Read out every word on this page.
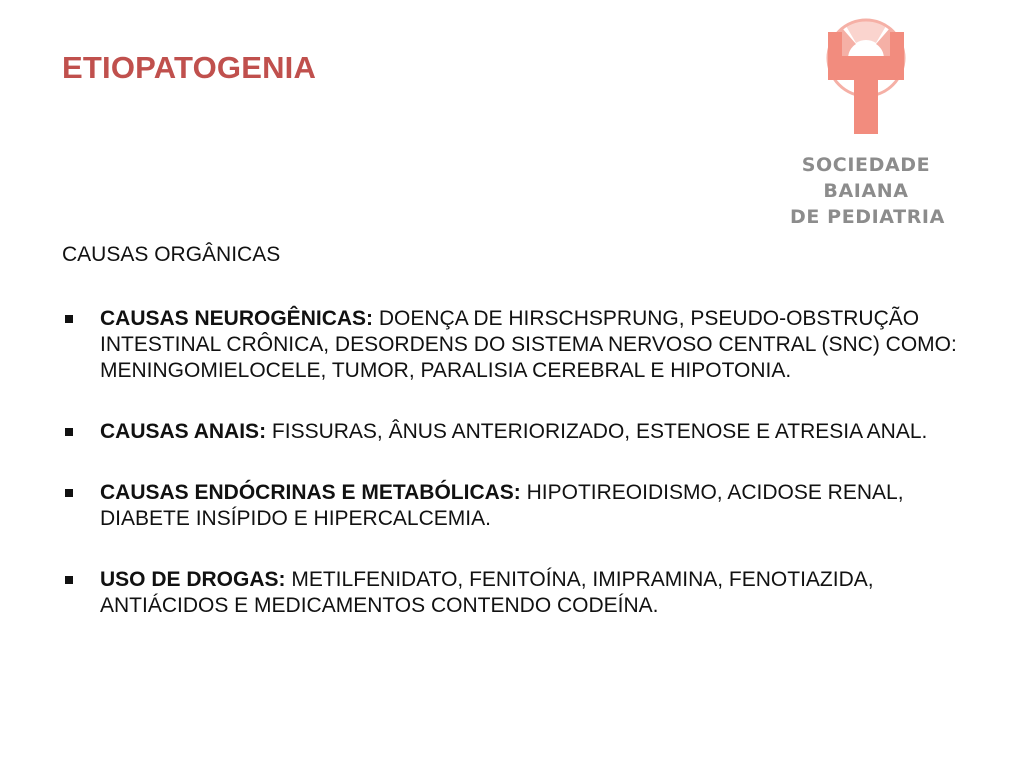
ETIOPATOGENIA
SOCIEDADE
BAIANA
DE PEDIATRIA
CAUSAS ORGÂNICAS
CAUSAS NEUROGÊNICAS: DOENÇA DE HIRSCHSPRUNG, PSEUDO-OBSTRUÇÃO INTESTINAL CRÔNICA, DESORDENS DO SISTEMA NERVOSO CENTRAL (SNC) COMO: MENINGOMIELOCELE, TUMOR, PARALISIA CEREBRAL E HIPOTONIA.
CAUSAS ANAIS: FISSURAS, ÂNUS ANTERIORIZADO, ESTENOSE E ATRESIA ANAL.
CAUSAS ENDÓCRINAS E METABÓLICAS: HIPOTIREOIDISMO, ACIDOSE RENAL, DIABETE INSÍPIDO E HIPERCALCEMIA.
USO DE DROGAS: METILFENIDATO, FENITOÍNA, IMIPRAMINA, FENOTIAZIDA, ANTIÁCIDOS E MEDICAMENTOS CONTENDO CODEÍNA.
